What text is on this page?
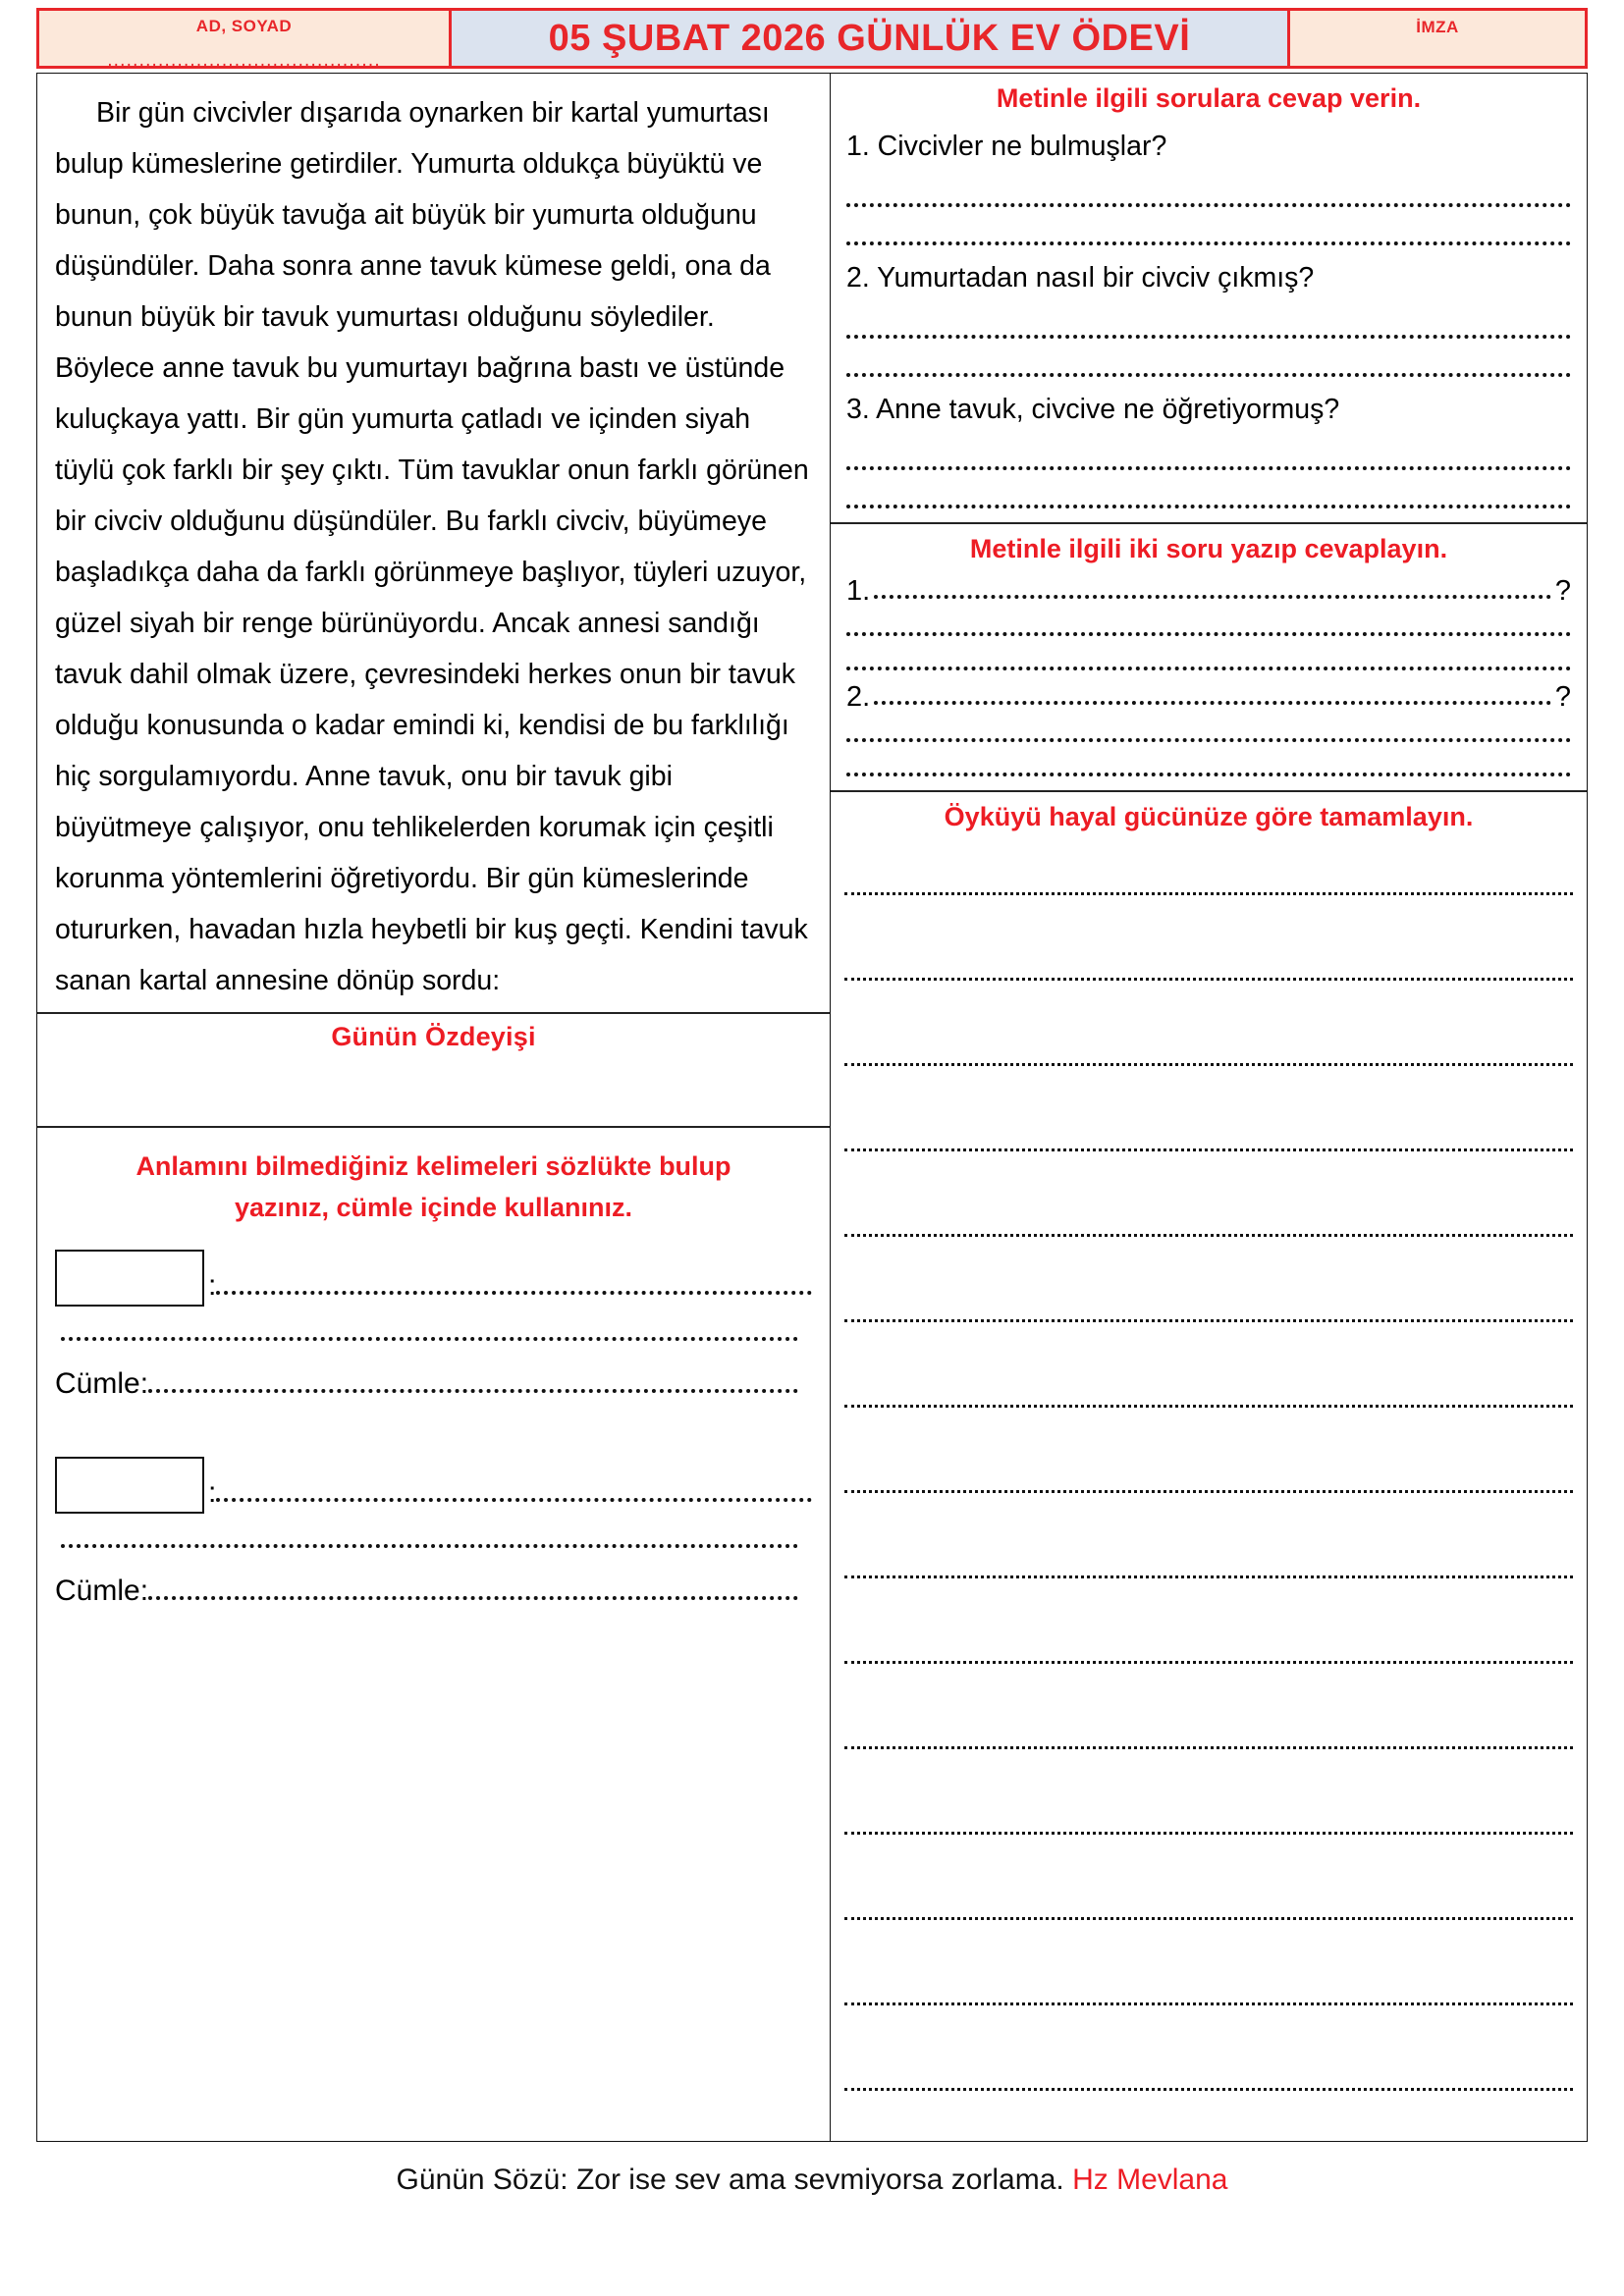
AD, SOYAD
...........................................
05 ŞUBAT 2026 GÜNLÜK EV ÖDEVİ	İMZA

Bir gün civcivler dışarıda oynarken bir kartal yumurtası bulup kümeslerine getirdiler. Yumurta oldukça büyüktü ve bunun, çok büyük tavuğa ait büyük bir yumurta olduğunu düşündüler. Daha sonra anne tavuk kümese geldi, ona da bunun büyük bir tavuk yumurtası olduğunu söylediler. Böylece anne tavuk bu yumurtayı bağrına bastı ve üstünde kuluçkaya yattı. Bir gün yumurta çatladı ve içinden siyah tüylü çok farklı bir şey çıktı. Tüm tavuklar onun farklı görünen bir civciv olduğunu düşündüler. Bu farklı civciv, büyümeye başladıkça daha da farklı görünmeye başlıyor, tüyleri uzuyor, güzel siyah bir renge bürünüyordu. Ancak annesi sandığı tavuk dahil olmak üzere, çevresindeki herkes onun bir tavuk olduğu konusunda o kadar emindi ki, kendisi de bu farklılığı hiç sorgulamıyordu. Anne tavuk, onu bir tavuk gibi büyütmeye çalışıyor, onu tehlikelerden korumak için çeşitli korunma yöntemlerini öğretiyordu. Bir gün kümeslerinde otururken, havadan hızla heybetli bir kuş geçti. Kendini tavuk sanan kartal annesine dönüp sordu:

Günün Özdeyişi
Anlamını bilmediğiniz kelimeleri sözlükte bulup
yazınız, cümle içinde kullanınız.
:
Cümle:
:
Cümle:
Metinle ilgili sorulara cevap verin.
1. Civcivler ne bulmuşlar?
2. Yumurtadan nasıl bir civciv çıkmış?
3. Anne tavuk, civcive ne öğretiyormuş?
Metinle ilgili iki soru yazıp cevaplayın.
1.	?
2.	?
Öyküyü hayal gücünüze göre tamamlayın.
Günün Sözü: Zor ise sev ama sevmiyorsa zorlama. Hz Mevlana
